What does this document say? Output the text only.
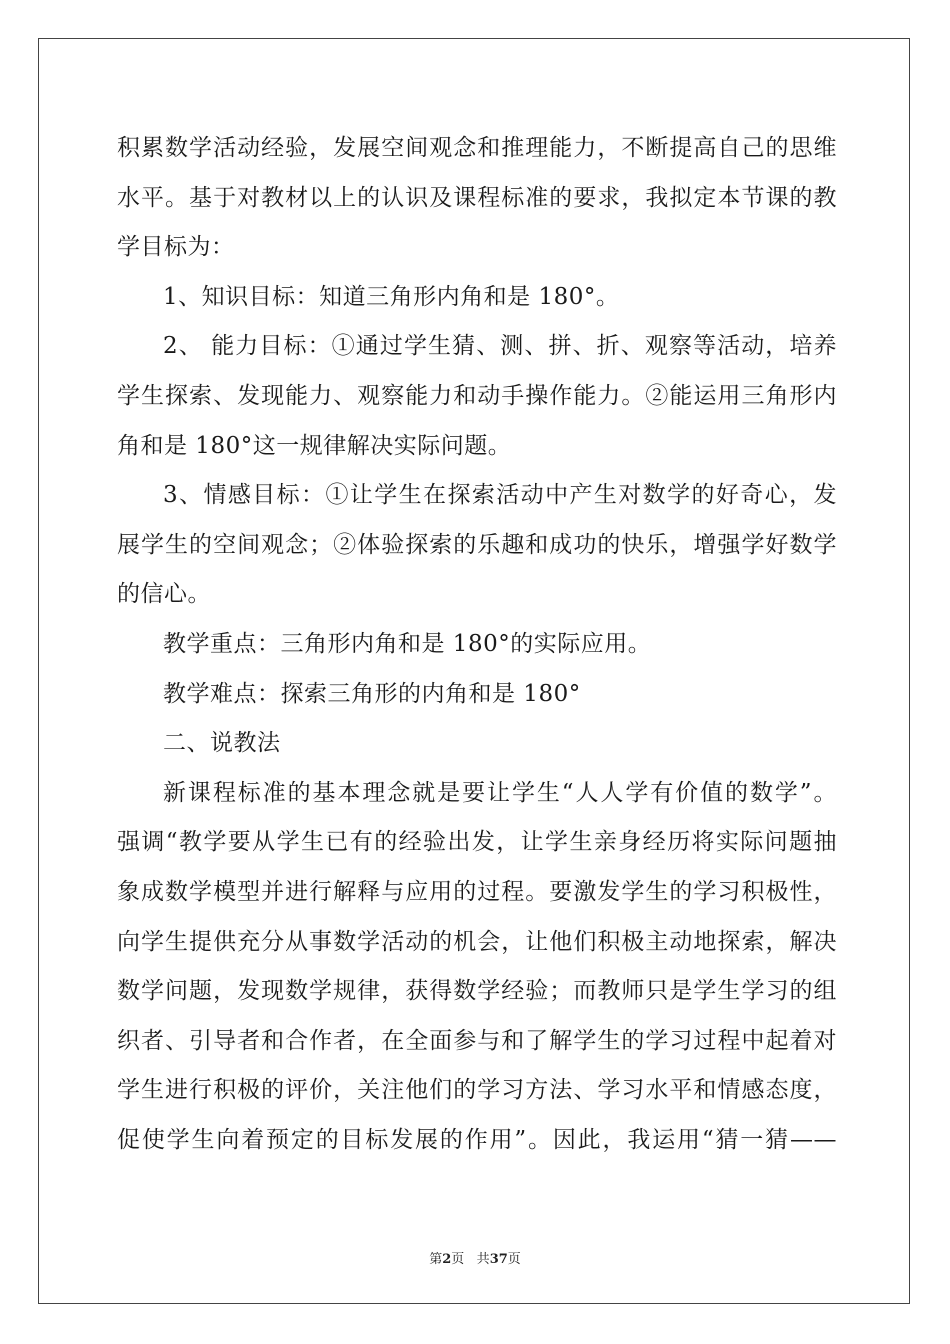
积累数学活动经验，发展空间观念和推理能力，不断提高自己的思维
水平。基于对教材以上的认识及课程标准的要求，我拟定本节课的教
学目标为：
1、知识目标：知道三角形内角和是 180°。
2、 能力目标：①通过学生猜、测、拼、折、观察等活动，培养
学生探索、发现能力、观察能力和动手操作能力。②能运用三角形内
角和是 180°这一规律解决实际问题。
3、情感目标：①让学生在探索活动中产生对数学的好奇心，发
展学生的空间观念；②体验探索的乐趣和成功的快乐，增强学好数学
的信心。
教学重点：三角形内角和是 180°的实际应用。
教学难点：探索三角形的内角和是 180°
二、说教法
新课程标准的基本理念就是要让学生“人人学有价值的数学”。
强调“教学要从学生已有的经验出发，让学生亲身经历将实际问题抽
象成数学模型并进行解释与应用的过程。要激发学生的学习积极性，
向学生提供充分从事数学活动的机会，让他们积极主动地探索，解决
数学问题，发现数学规律，获得数学经验；而教师只是学生学习的组
织者、引导者和合作者，在全面参与和了解学生的学习过程中起着对
学生进行积极的评价，关注他们的学习方法、学习水平和情感态度，
促使学生向着预定的目标发展的作用”。因此，我运用“猜一猜——
第2页 共37页
